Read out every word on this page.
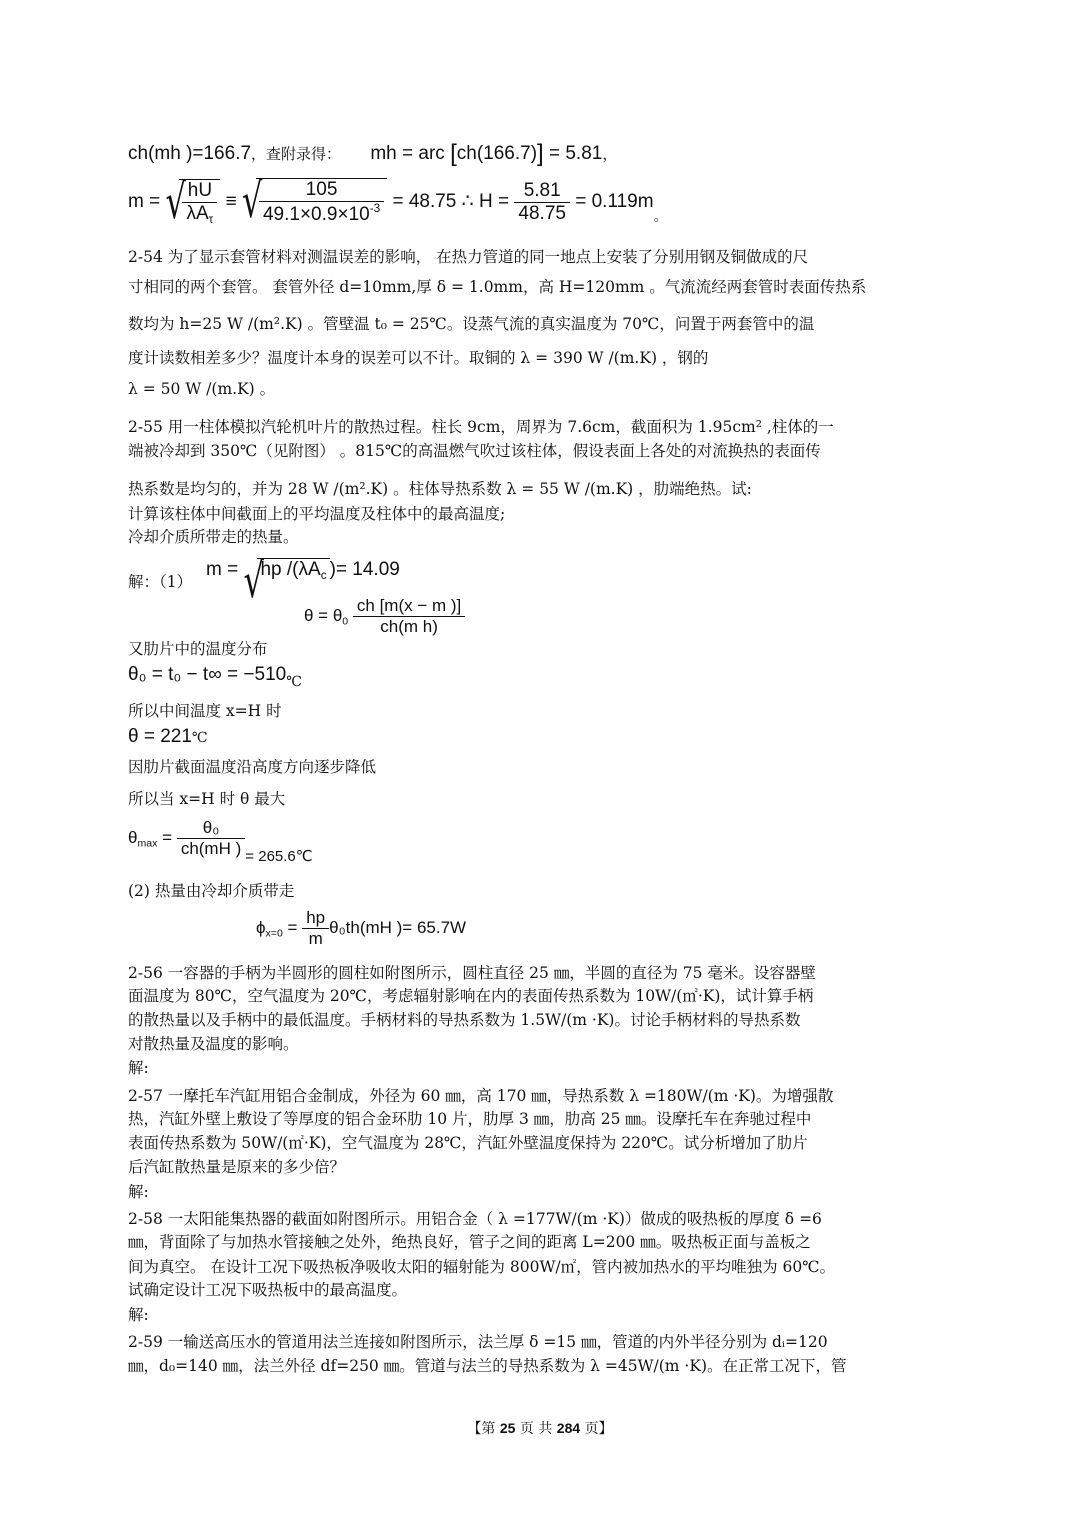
ch(mh )=166.7，查附录得： mh = arc [ch(166.7)] = 5.81，
m = √ $\frac{hU}{\lambda A_\tau}$ ≡ √ $\frac{105}{49.1\times 0.9\times 10^{-3}} = 48.75$ ∴ $H = \frac{5.81}{48.75} = 0.119m_。$
2-54 为了显示套管材料对测温误差的影响， 在热力管道的同一地点上安装了分别用钢及铜做成的尺
寸相同的两个套管。 套管外径 d=10mm,厚 δ = 1.0mm，高 H=120mm 。气流流经两套管时表面传热系
数均为 h=25 W /(m².K) 。管壁温 t₀ = 25℃。设蒸气流的真实温度为 70℃，问置于两套管中的温
度计读数相差多少？温度计本身的误差可以不计。取铜的 λ = 390 W /(m.K) ，钢的
λ = 50 W /(m.K) 。
2-55 用一柱体模拟汽轮机叶片的散热过程。柱长 9cm，周界为 7.6cm，截面积为 1.95cm² ,柱体的一
端被冷却到 350℃（见附图） 。815℃的高温燃气吹过该柱体，假设表面上各处的对流换热的表面传
热系数是均匀的，并为 28 W /(m².K) 。柱体导热系数 λ = 55 W /(m.K) ，肋端绝热。试:
计算该柱体中间截面上的平均温度及柱体中的最高温度;
冷却介质所带走的热量。
解：（1）
m = √ hp $/(\lambda A_c$ )= 14.09
$\theta = \theta_0 \frac{ch [m(x - m )]}{\text{ch(m h)}}$
又肋片中的温度分布
$\theta_0 = t_0 - t\infty = -510_℃$
所以中间温度 x=H 时
θ = 221℃
因肋片截面温度沿高度方向逐步降低
所以当 x=H 时 θ 最大
$\theta_{max} = \frac{\text{θ₀}}{ch(mH )}$ = 265.6℃
(2) 热量由冷却介质带走
$\phi_{x=0} = \frac{hp}{m} \theta_0th(mH$ )= 65.7W
2-56 一容器的手柄为半圆形的圆柱如附图所示，圆柱直径 25 ㎜，半圆的直径为 75 毫米。设容器壁
面温度为 80℃，空气温度为 20℃，考虑辐射影响在内的表面传热系数为 10W/(㎡·K)，试计算手柄
的散热量以及手柄中的最低温度。手柄材料的导热系数为 1.5W/(m ·K)。讨论手柄材料的导热系数
对散热量及温度的影响。
解:
2-57 一摩托车汽缸用铝合金制成，外径为 60 ㎜，高 170 ㎜，导热系数 λ =180W/(m ·K)。为增强散
热，汽缸外壁上敷设了等厚度的铝合金环肋 10 片，肋厚 3 ㎜，肋高 25 ㎜。设摩托车在奔驰过程中
表面传热系数为 50W/(㎡·K)，空气温度为 28℃，汽缸外壁温度保持为 220℃。试分析增加了肋片
后汽缸散热量是原来的多少倍？
解:
2-58 一太阳能集热器的截面如附图所示。用铝合金（ λ =177W/(m ·K)）做成的吸热板的厚度 δ =6
㎜，背面除了与加热水管接触之处外，绝热良好，管子之间的距离 L=200 ㎜。吸热板正面与盖板之
间为真空。 在设计工况下吸热板净吸收太阳的辐射能为 800W/㎡，管内被加热水的平均唯独为 60℃。
试确定设计工况下吸热板中的最高温度。
解:
2-59 一输送高压水的管道用法兰连接如附图所示，法兰厚 δ =15 ㎜，管道的内外半径分别为 dᵢ=120
㎜，d₀=140 ㎜，法兰外径 df=250 ㎜。管道与法兰的导热系数为 λ =45W/(m ·K)。在正常工况下，管
【第 25 页 共 284 页】
